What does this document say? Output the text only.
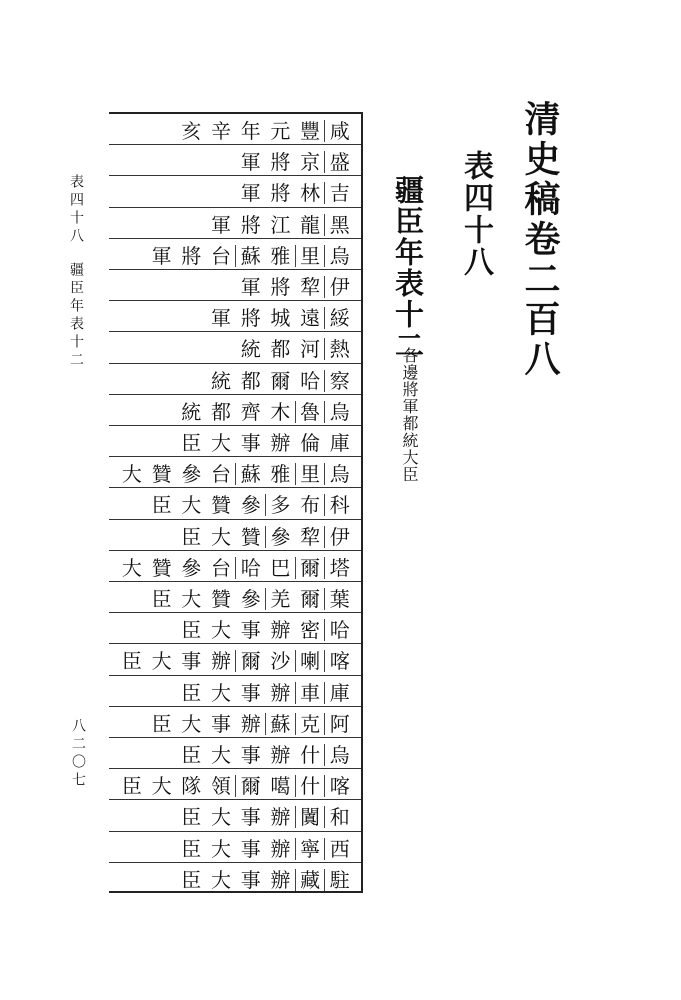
清史稿卷二百八
表四十八
疆臣年表十二
各邊將軍都統大臣
表四十八疆臣年表十二
八二〇七
咸
豐
元
年
辛
亥
盛
京
將
軍
吉
林
將
軍
黑
龍
江
將
軍
烏
里
雅
蘇
台
將
軍
伊
犂
將
軍
綏
遠
城
將
軍
熱
河
都
統
察
哈
爾
都
統
烏
魯
木
齊
都
統
庫
倫
辦
事
大
臣
烏
里
雅
蘇
台
參
贊
大
科
布
多
參
贊
大
臣
伊
犂
參
贊
大
臣
塔
爾
巴
哈
台
參
贊
大
葉
爾
羌
參
贊
大
臣
哈
密
辦
事
大
臣
喀
喇
沙
爾
辦
事
大
臣
庫
車
辦
事
大
臣
阿
克
蘇
辦
事
大
臣
烏
什
辦
事
大
臣
喀
什
噶
爾
領
隊
大
臣
和
闐
辦
事
大
臣
西
寧
辦
事
大
臣
駐
藏
辦
事
大
臣
